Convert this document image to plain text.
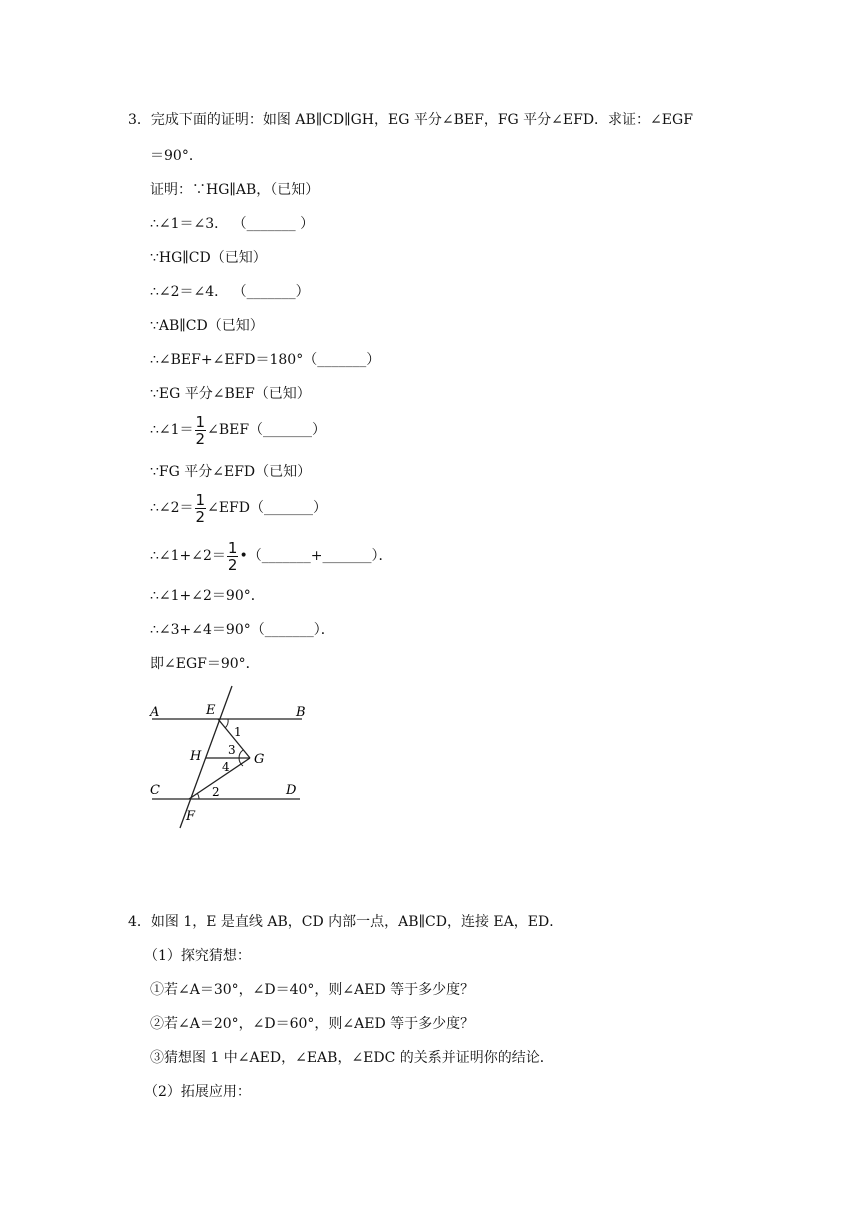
3．完成下面的证明：如图 AB∥CD∥GH，EG 平分∠BEF，FG 平分∠EFD．求证：∠EGF
＝90°．
证明：∵HG∥AB，（已知）
∴∠1＝∠3． （_______ ）
∵HG∥CD（已知）
∴∠2＝∠4． （_______）
∵AB∥CD（已知）
∴∠BEF+∠EFD＝180°（_______）
∵EG 平分∠BEF（已知）
∴∠1＝ $\frac{1}{2}$ ∠BEF（_______）
∵FG 平分∠EFD（已知）
∴∠2＝ $\frac{1}{2}$ ∠EFD（_______）
∴∠1+∠2＝ $\frac{1}{2}$ •（_______+_______）．
∴∠1+∠2＝90°．
∴∠3+∠4＝90°（_______）．
即∠EGF＝90°．
A	E	B
1
H 3
G
4
C	2	D
F
4．如图 1，E 是直线 AB，CD 内部一点，AB∥CD，连接 EA，ED．
（1）探究猜想：
①若∠A＝30°，∠D＝40°，则∠AED 等于多少度？
②若∠A＝20°，∠D＝60°，则∠AED 等于多少度？
③猜想图 1 中∠AED，∠EAB，∠EDC 的关系并证明你的结论．
（2）拓展应用：
